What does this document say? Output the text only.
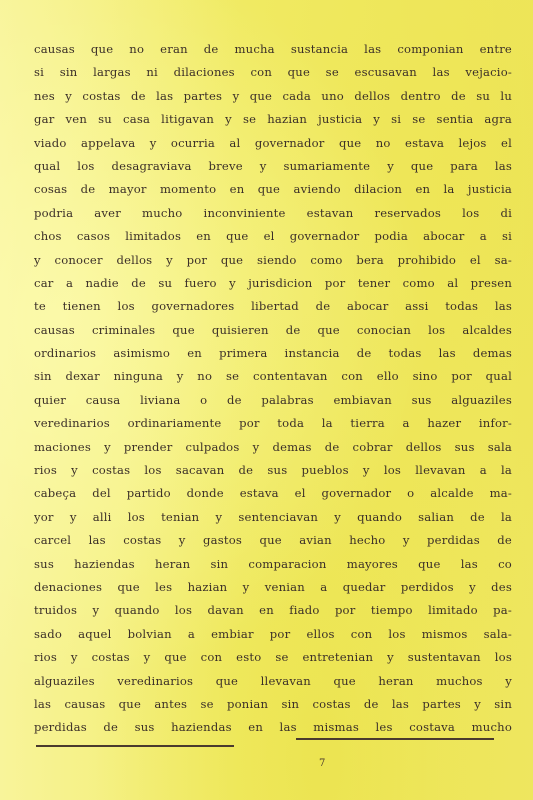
causas que no eran de mucha sustancia las componian entre
si sin largas ni dilaciones con que se escusavan las vejacio-
nes y costas de las partes y que cada uno dellos dentro de su lu
gar ven su casa litigavan y se hazian justicia y si se sentia agra
viado appelava y ocurria al governador que no estava lejos el
qual los desagraviava breve y sumariamente y que para las
cosas de mayor momento en que aviendo dilacion en la justicia
podria aver mucho inconviniente estavan reservados los di
chos casos limitados en que el governador podia abocar a si
y conocer dellos y por que siendo como bera prohibido el sa-
car a nadie de su fuero y jurisdicion por tener como al presen
te tienen los governadores libertad de abocar assi todas las
causas criminales que quisieren de que conocian los alcaldes
ordinarios asimismo en primera instancia de todas las demas
sin dexar ninguna y no se contentavan con ello sino por qual
quier causa liviana o de palabras embiavan sus alguaziles
veredinarios ordinariamente por toda la tierra a hazer infor-
maciones y prender culpados y demas de cobrar dellos sus sala
rios y costas los sacavan de sus pueblos y los llevavan a la
cabeça del partido donde estava el governador o alcalde ma-
yor y alli los tenian y sentenciavan y quando salian de la
carcel las costas y gastos que avian hecho y perdidas de
sus haziendas heran sin comparacion mayores que las co
denaciones que les hazian y venian a quedar perdidos y des
truidos y quando los davan en fiado por tiempo limitado pa-
sado aquel bolvian a embiar por ellos con los mismos sala-
rios y costas y que con esto se entretenian y sustentavan los
alguaziles veredinarios que llevavan que heran muchos y
las causas que antes se ponian sin costas de las partes y sin
perdidas de sus haziendas en las mismas les costava mucho
7
